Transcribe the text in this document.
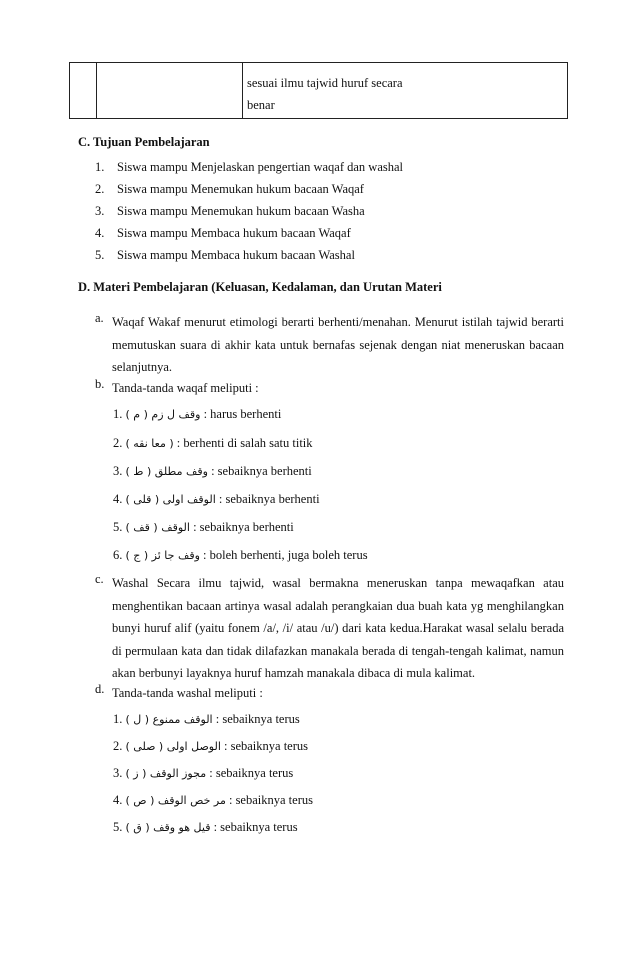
sesuai ilmu tajwid huruf secara
benar
C. Tujuan Pembelajaran
1. Siswa mampu Menjelaskan pengertian waqaf dan washal
2. Siswa mampu Menemukan hukum bacaan Waqaf
3. Siswa mampu Menemukan hukum bacaan Washa
4. Siswa mampu Membaca hukum bacaan Waqaf
5. Siswa mampu Membaca hukum bacaan Washal
D. Materi Pembelajaran (Keluasan, Kedalaman, dan Urutan Materi
a. Waqaf Wakaf menurut etimologi berarti berhenti/menahan. Menurut istilah tajwid berarti memutuskan suara di akhir kata untuk bernafas sejenak dengan niat meneruskan bacaan selanjutnya.
b. Tanda-tanda waqaf meliputi :
1. وقف ل زم ( م ) : harus berhenti
2. ( معا نقه ) : berhenti di salah satu titik
3. وقف مطلق ( ط ) : sebaiknya berhenti
4. الوقف اولى ( قلى ) : sebaiknya berhenti
5. الوقف ( قف ) : sebaiknya berhenti
6. وقف جا ئز ( ج ) : boleh berhenti, juga boleh terus
c. Washal Secara ilmu tajwid, wasal bermakna meneruskan tanpa mewaqafkan atau menghentikan bacaan artinya wasal adalah perangkaian dua buah kata yg menghilangkan bunyi huruf alif (yaitu fonem /a/, /i/ atau /u/) dari kata kedua.Harakat wasal selalu berada di permulaan kata dan tidak dilafazkan manakala berada di tengah-tengah kalimat, namun akan berbunyi layaknya huruf hamzah manakala dibaca di mula kalimat.
d. Tanda-tanda washal meliputi :
1. الوقف ممنوع ( ل ) : sebaiknya terus
2. الوصل اولى ( صلى ) : sebaiknya terus
3. مجوز الوقف ( ز ) : sebaiknya terus
4. مر خص الوقف ( ص ) : sebaiknya terus
5. قيل هو وقف ( ق ) : sebaiknya terus
